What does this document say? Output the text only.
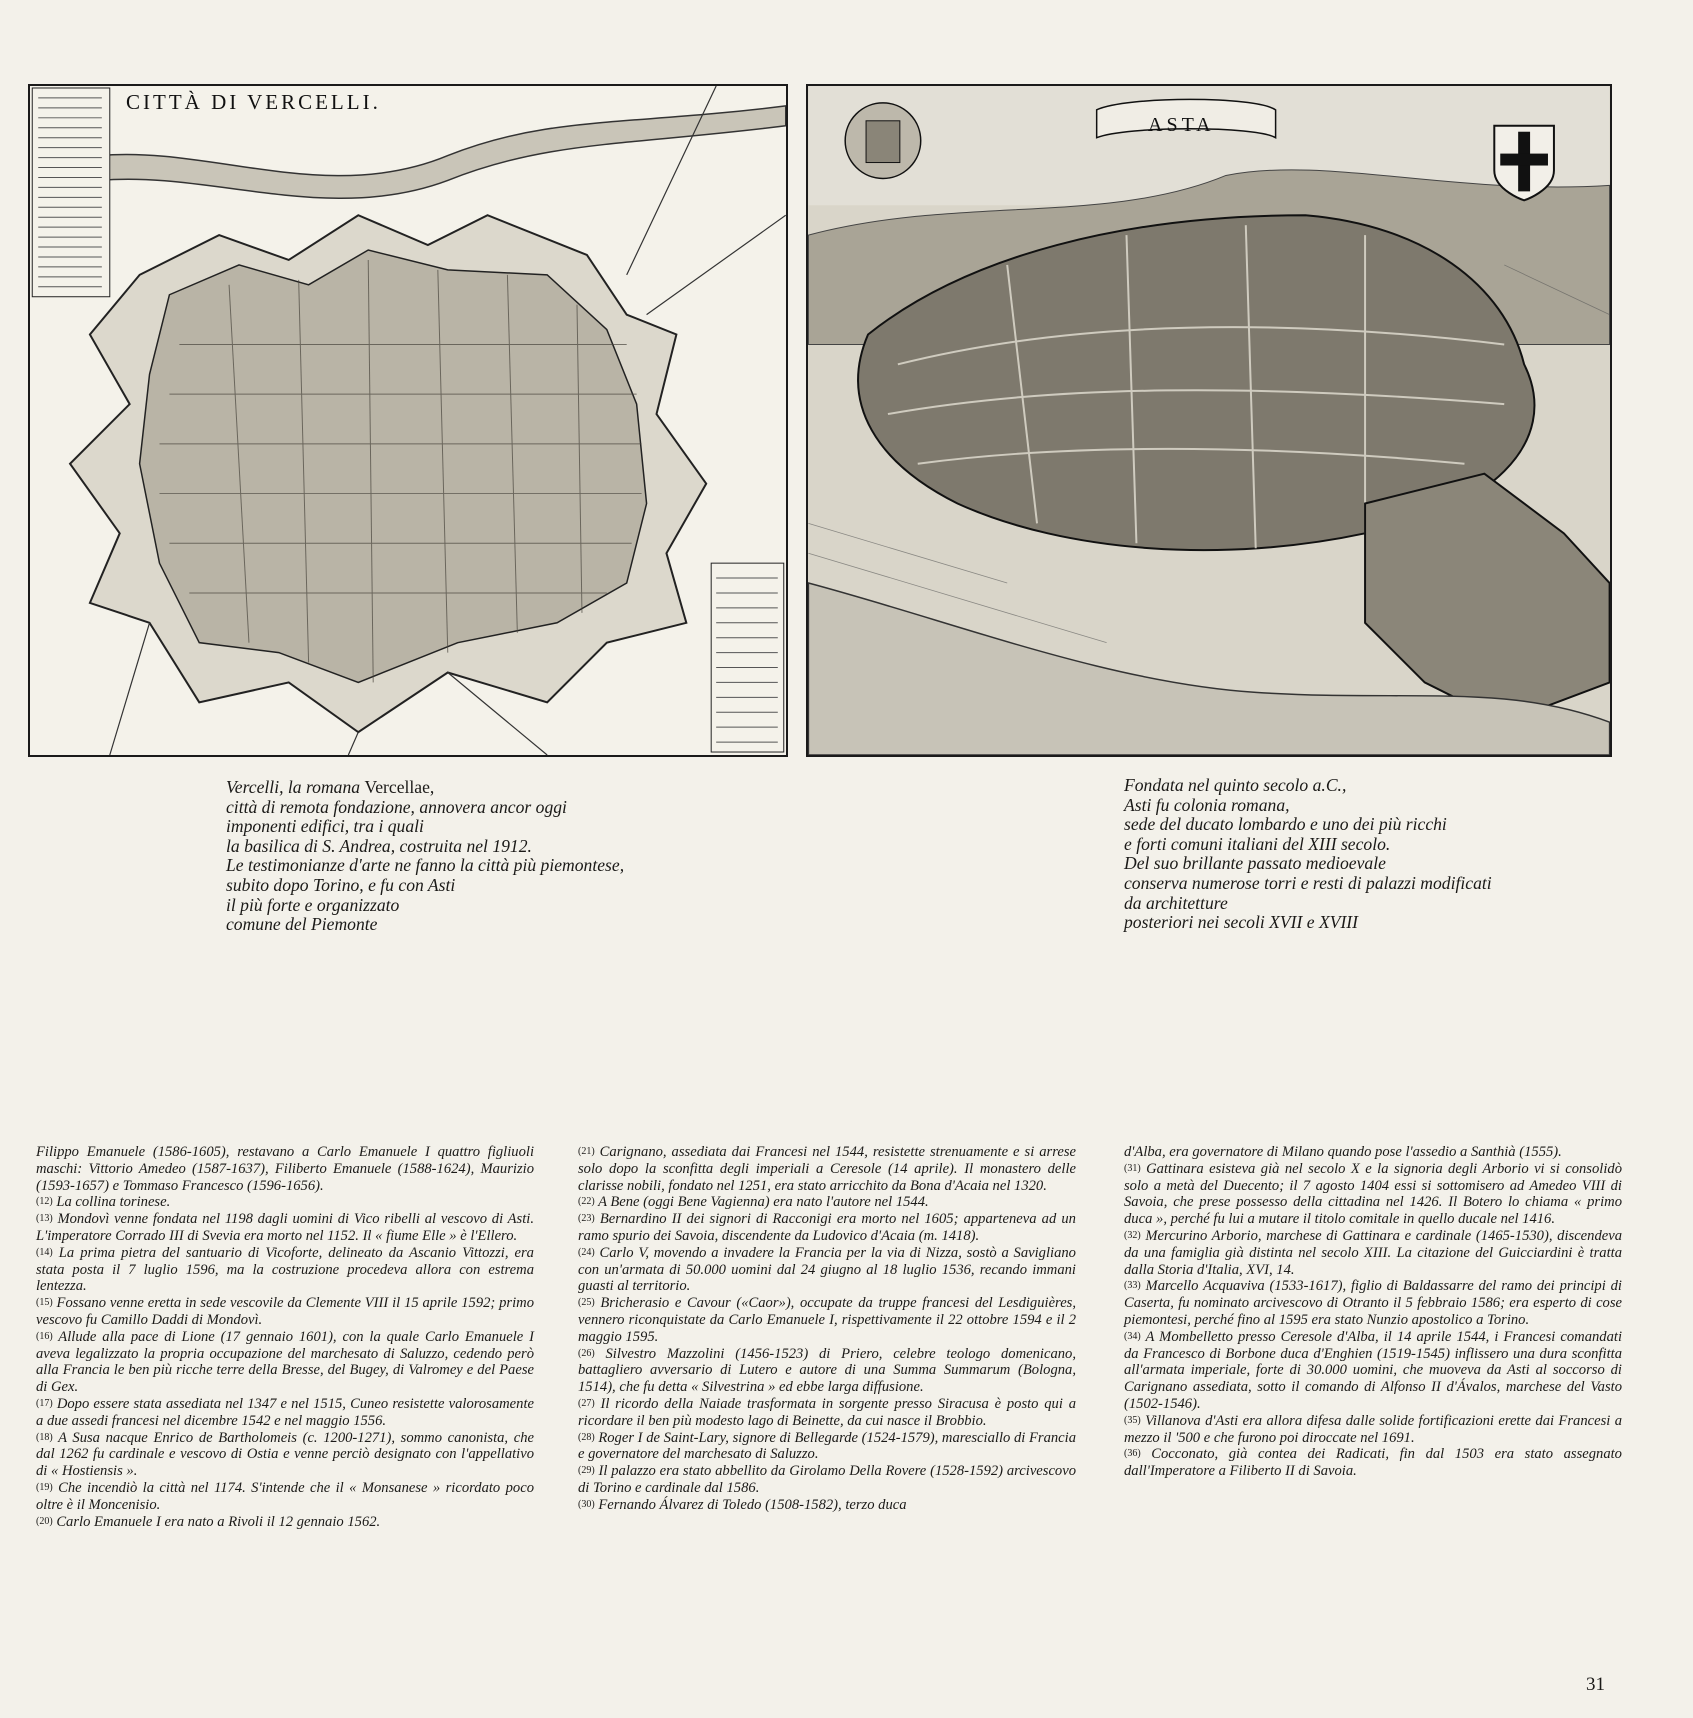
CITTÀ DI VERCELLI.
ASTA
Vercelli, la romana Vercellae,
città di remota fondazione, annovera ancor oggi
imponenti edifici, tra i quali
la basilica di S. Andrea, costruita nel 1912.
Le testimonianze d'arte ne fanno la città più piemontese,
subito dopo Torino, e fu con Asti
il più forte e organizzato
comune del Piemonte
Fondata nel quinto secolo a.C.,
Asti fu colonia romana,
sede del ducato lombardo e uno dei più ricchi
e forti comuni italiani del XIII secolo.
Del suo brillante passato medioevale
conserva numerose torri e resti di palazzi modificati
da architetture
posteriori nei secoli XVII e XVIII
Filippo Emanuele (1586-1605), restavano a Carlo Emanuele I quattro figliuoli maschi: Vittorio Amedeo (1587-1637), Filiberto Emanuele (1588-1624), Maurizio (1593-1657) e Tommaso Francesco (1596-1656).
(12) La collina torinese.
(13) Mondovì venne fondata nel 1198 dagli uomini di Vico ribelli al vescovo di Asti. L'imperatore Corrado III di Svevia era morto nel 1152. Il « fiume Elle » è l'Ellero.
(14) La prima pietra del santuario di Vicoforte, delineato da Ascanio Vittozzi, era stata posta il 7 luglio 1596, ma la costruzione procedeva allora con estrema lentezza.
(15) Fossano venne eretta in sede vescovile da Clemente VIII il 15 aprile 1592; primo vescovo fu Camillo Daddi di Mondovì.
(16) Allude alla pace di Lione (17 gennaio 1601), con la quale Carlo Emanuele I aveva legalizzato la propria occupazione del marchesato di Saluzzo, cedendo però alla Francia le ben più ricche terre della Bresse, del Bugey, di Valromey e del Paese di Gex.
(17) Dopo essere stata assediata nel 1347 e nel 1515, Cuneo resistette valorosamente a due assedi francesi nel dicembre 1542 e nel maggio 1556.
(18) A Susa nacque Enrico de Bartholomeis (c. 1200-1271), sommo canonista, che dal 1262 fu cardinale e vescovo di Ostia e venne perciò designato con l'appellativo di « Hostiensis ».
(19) Che incendiò la città nel 1174. S'intende che il « Monsanese » ricordato poco oltre è il Moncenisio.
(20) Carlo Emanuele I era nato a Rivoli il 12 gennaio 1562.
(21) Carignano, assediata dai Francesi nel 1544, resistette strenuamente e si arrese solo dopo la sconfitta degli imperiali a Ceresole (14 aprile). Il monastero delle clarisse nobili, fondato nel 1251, era stato arricchito da Bona d'Acaia nel 1320.
(22) A Bene (oggi Bene Vagienna) era nato l'autore nel 1544.
(23) Bernardino II dei signori di Racconigi era morto nel 1605; apparteneva ad un ramo spurio dei Savoia, discendente da Ludovico d'Acaia (m. 1418).
(24) Carlo V, movendo a invadere la Francia per la via di Nizza, sostò a Savigliano con un'armata di 50.000 uomini dal 24 giugno al 18 luglio 1536, recando immani guasti al territorio.
(25) Bricherasio e Cavour («Caor»), occupate da truppe francesi del Lesdiguières, vennero riconquistate da Carlo Emanuele I, rispettivamente il 22 ottobre 1594 e il 2 maggio 1595.
(26) Silvestro Mazzolini (1456-1523) di Priero, celebre teologo domenicano, battagliero avversario di Lutero e autore di una Summa Summarum (Bologna, 1514), che fu detta « Silvestrina » ed ebbe larga diffusione.
(27) Il ricordo della Naiade trasformata in sorgente presso Siracusa è posto qui a ricordare il ben più modesto lago di Beinette, da cui nasce il Brobbio.
(28) Roger I de Saint-Lary, signore di Bellegarde (1524-1579), maresciallo di Francia e governatore del marchesato di Saluzzo.
(29) Il palazzo era stato abbellito da Girolamo Della Rovere (1528-1592) arcivescovo di Torino e cardinale dal 1586.
(30) Fernando Álvarez di Toledo (1508-1582), terzo duca
d'Alba, era governatore di Milano quando pose l'assedio a Santhià (1555).
(31) Gattinara esisteva già nel secolo X e la signoria degli Arborio vi si consolidò solo a metà del Duecento; il 7 agosto 1404 essi si sottomisero ad Amedeo VIII di Savoia, che prese possesso della cittadina nel 1426. Il Botero lo chiama « primo duca », perché fu lui a mutare il titolo comitale in quello ducale nel 1416.
(32) Mercurino Arborio, marchese di Gattinara e cardinale (1465-1530), discendeva da una famiglia già distinta nel secolo XIII. La citazione del Guicciardini è tratta dalla Storia d'Italia, XVI, 14.
(33) Marcello Acquaviva (1533-1617), figlio di Baldassarre del ramo dei principi di Caserta, fu nominato arcivescovo di Otranto il 5 febbraio 1586; era esperto di cose piemontesi, perché fino al 1595 era stato Nunzio apostolico a Torino.
(34) A Mombelletto presso Ceresole d'Alba, il 14 aprile 1544, i Francesi comandati da Francesco di Borbone duca d'Enghien (1519-1545) inflissero una dura sconfitta all'armata imperiale, forte di 30.000 uomini, che muoveva da Asti al soccorso di Carignano assediata, sotto il comando di Alfonso II d'Ávalos, marchese del Vasto (1502-1546).
(35) Villanova d'Asti era allora difesa dalle solide fortificazioni erette dai Francesi a mezzo il '500 e che furono poi diroccate nel 1691.
(36) Cocconato, già contea dei Radicati, fin dal 1503 era stato assegnato dall'Imperatore a Filiberto II di Savoia.
31
